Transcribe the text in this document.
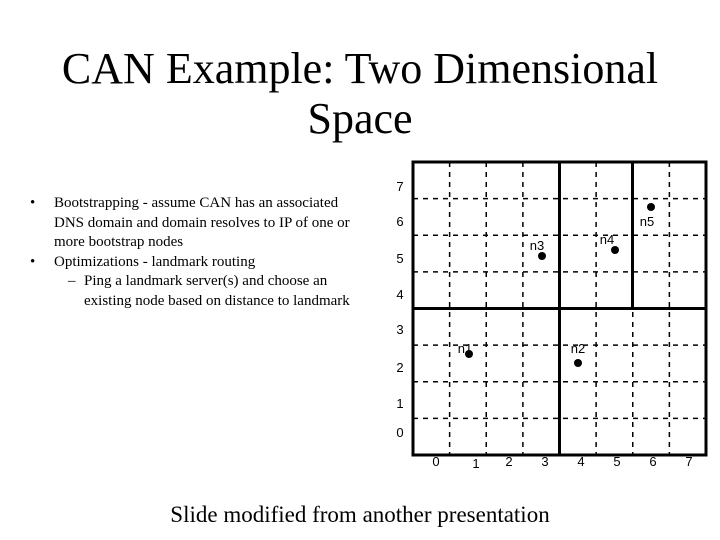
CAN Example: Two Dimensional
Space
• Bootstrapping - assume CAN has an associated
DNS domain and domain resolves to IP of one or
more bootstrap nodes
• Optimizations - landmark routing
– Ping a landmark server(s) and choose an
existing node based on distance to landmark
7
6
5
4
3
2
1
0
0	1 2 3 4 5 6 7
n1	n2
n3	n4
n5
Slide modified from another presentation
